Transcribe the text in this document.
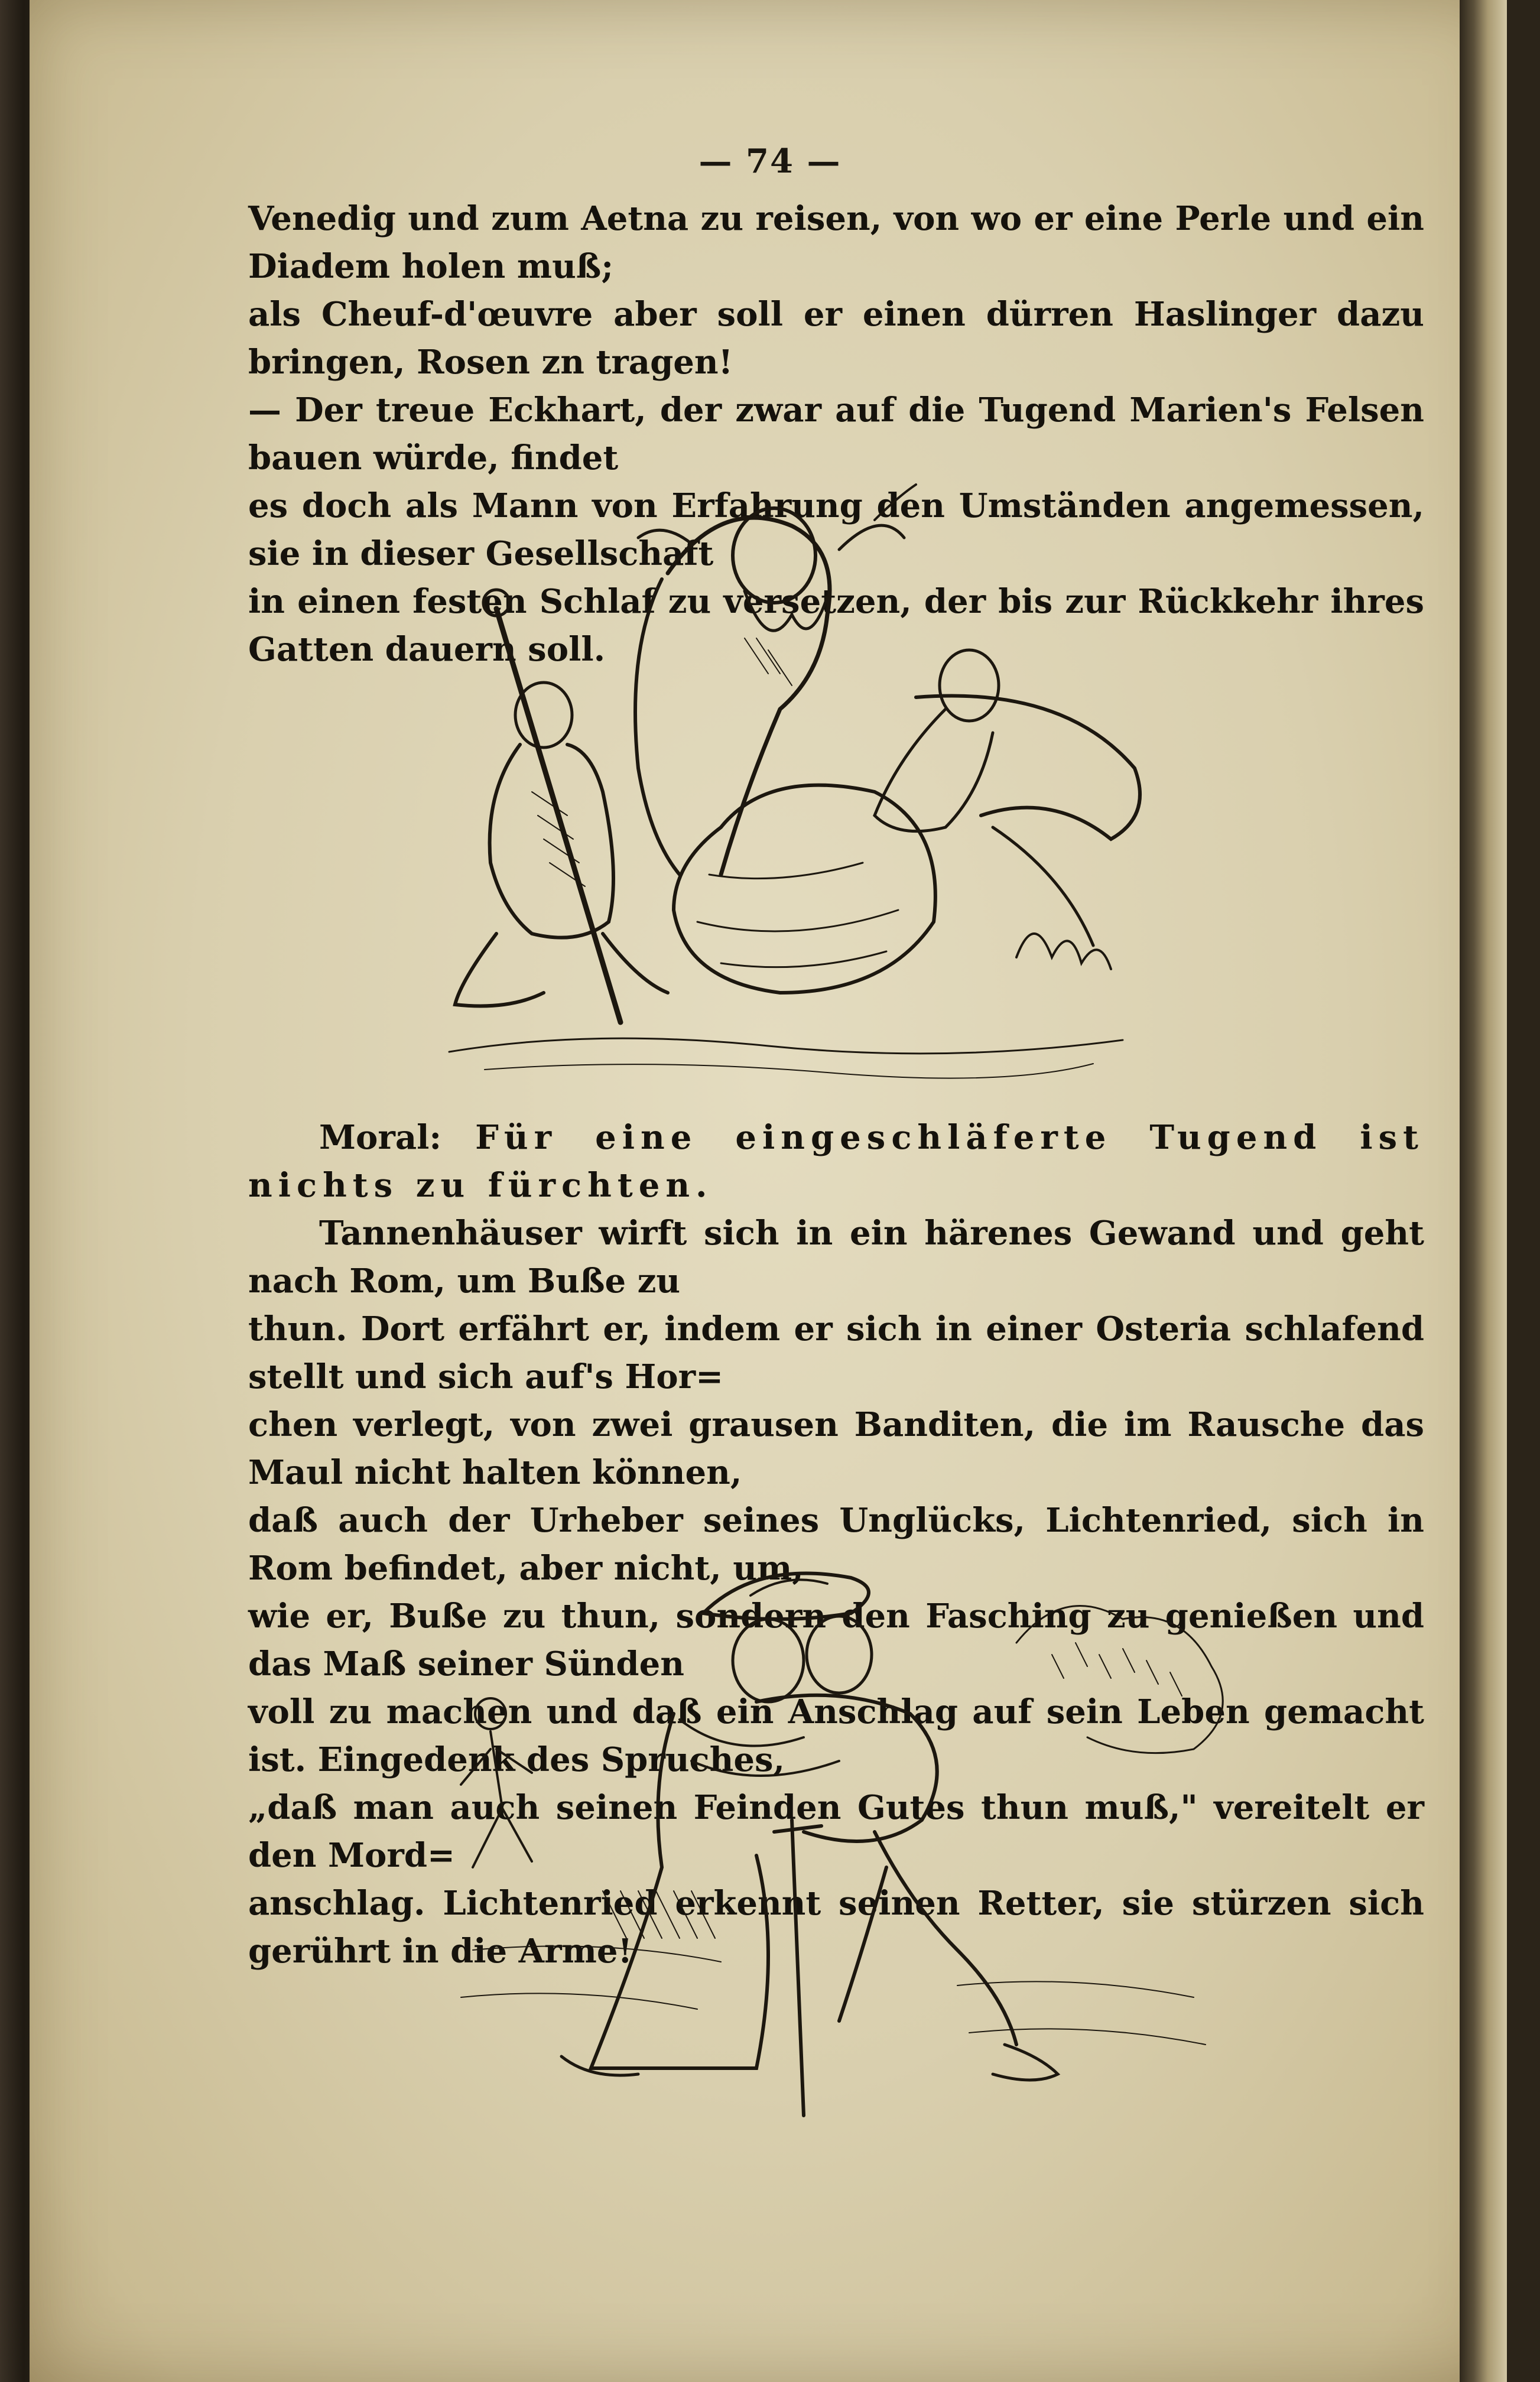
— 74 —

Venedig und zum Aetna zu reisen, von wo er eine Perle und ein Diadem holen muß;

als Cheuf-d'œuvre aber soll er einen dürren Haslinger dazu bringen, Rosen zn tragen!

— Der treue Eckhart, der zwar auf die Tugend Marien's Felsen bauen würde, findet

es doch als Mann von Erfahrung den Umständen angemessen, sie in dieser Gesellschaft

in einen festen Schlaf zu versetzen, der bis zur Rückkehr ihres Gatten dauern soll.

Moral: Für eine eingeschläferte Tugend ist nichts zu fürchten.

Tannenhäuser wirft sich in ein härenes Gewand und geht nach Rom, um Buße zu

thun. Dort erfährt er, indem er sich in einer Osteria schlafend stellt und sich auf's Hor=

chen verlegt, von zwei grausen Banditen, die im Rausche das Maul nicht halten können,

daß auch der Urheber seines Unglücks, Lichtenried, sich in Rom befindet, aber nicht, um,

wie er, Buße zu thun, sondern den Fasching zu genießen und das Maß seiner Sünden

voll zu machen und daß ein Anschlag auf sein Leben gemacht ist. Eingedenk des Spruches,

„daß man auch seinen Feinden Gutes thun muß," vereitelt er den Mord=

anschlag. Lichtenried erkennt seinen Retter, sie stürzen sich gerührt in die Arme!
